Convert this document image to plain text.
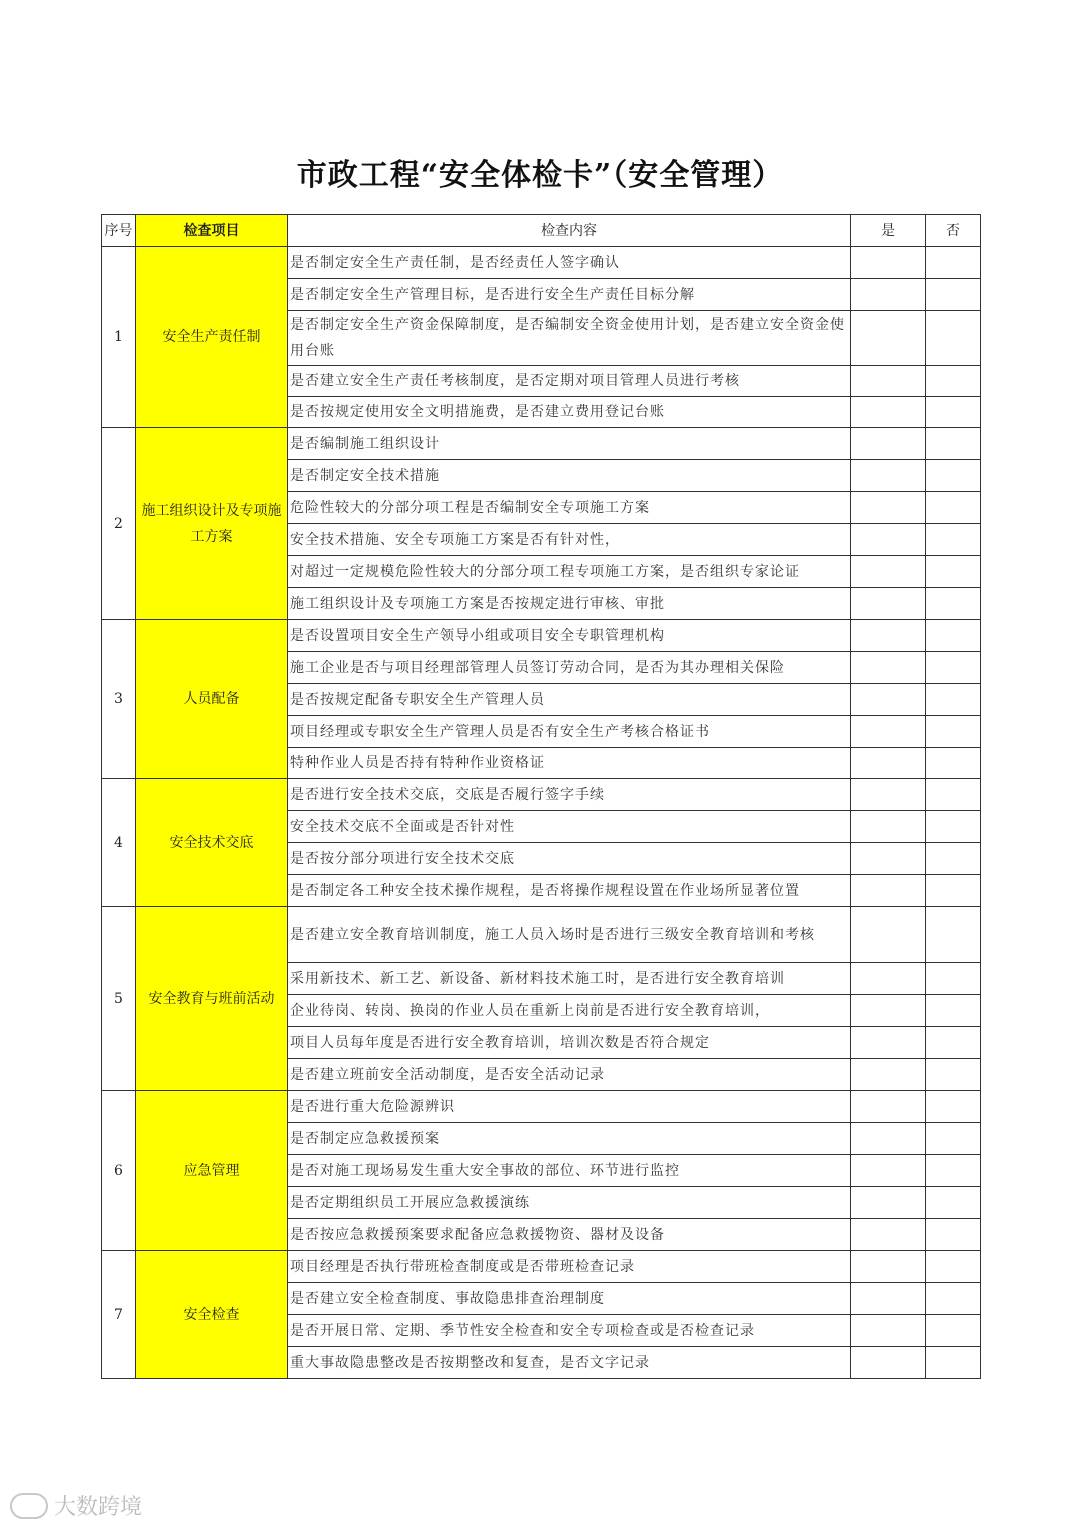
市政工程“安全体检卡”（安全管理）
序号	检查项目	检查内容	是	否
1	安全生产责任制	是否制定安全生产责任制，是否经责任人签字确认		
		是否制定安全生产管理目标，是否进行安全生产责任目标分解		
		是否制定安全生产资金保障制度，是否编制安全资金使用计划，是否建立安全资金使用台账		
		是否建立安全生产责任考核制度，是否定期对项目管理人员进行考核		
		是否按规定使用安全文明措施费，是否建立费用登记台账		
2	施工组织设计及专项施工方案	是否编制施工组织设计		
		是否制定安全技术措施		
		危险性较大的分部分项工程是否编制安全专项施工方案		
		安全技术措施、安全专项施工方案是否有针对性，		
		对超过一定规模危险性较大的分部分项工程专项施工方案，是否组织专家论证		
		施工组织设计及专项施工方案是否按规定进行审核、审批		
3	人员配备	是否设置项目安全生产领导小组或项目安全专职管理机构		
		施工企业是否与项目经理部管理人员签订劳动合同，是否为其办理相关保险		
		是否按规定配备专职安全生产管理人员		
		项目经理或专职安全生产管理人员是否有安全生产考核合格证书		
		特种作业人员是否持有特种作业资格证		
4	安全技术交底	是否进行安全技术交底，交底是否履行签字手续		
		安全技术交底不全面或是否针对性		
		是否按分部分项进行安全技术交底		
		是否制定各工种安全技术操作规程，是否将操作规程设置在作业场所显著位置		
5	安全教育与班前活动	是否建立安全教育培训制度，施工人员入场时是否进行三级安全教育培训和考核		
		采用新技术、新工艺、新设备、新材料技术施工时，是否进行安全教育培训		
		企业待岗、转岗、换岗的作业人员在重新上岗前是否进行安全教育培训，		
		项目人员每年度是否进行安全教育培训，培训次数是否符合规定		
		是否建立班前安全活动制度，是否安全活动记录		
6	应急管理	是否进行重大危险源辨识		
		是否制定应急救援预案		
		是否对施工现场易发生重大安全事故的部位、环节进行监控		
		是否定期组织员工开展应急救援演练		
		是否按应急救援预案要求配备应急救援物资、器材及设备		
7	安全检查	项目经理是否执行带班检查制度或是否带班检查记录		
		是否建立安全检查制度、事故隐患排查治理制度		
		是否开展日常、定期、季节性安全检查和安全专项检查或是否检查记录		
		重大事故隐患整改是否按期整改和复查，是否文字记录		
大数跨境
